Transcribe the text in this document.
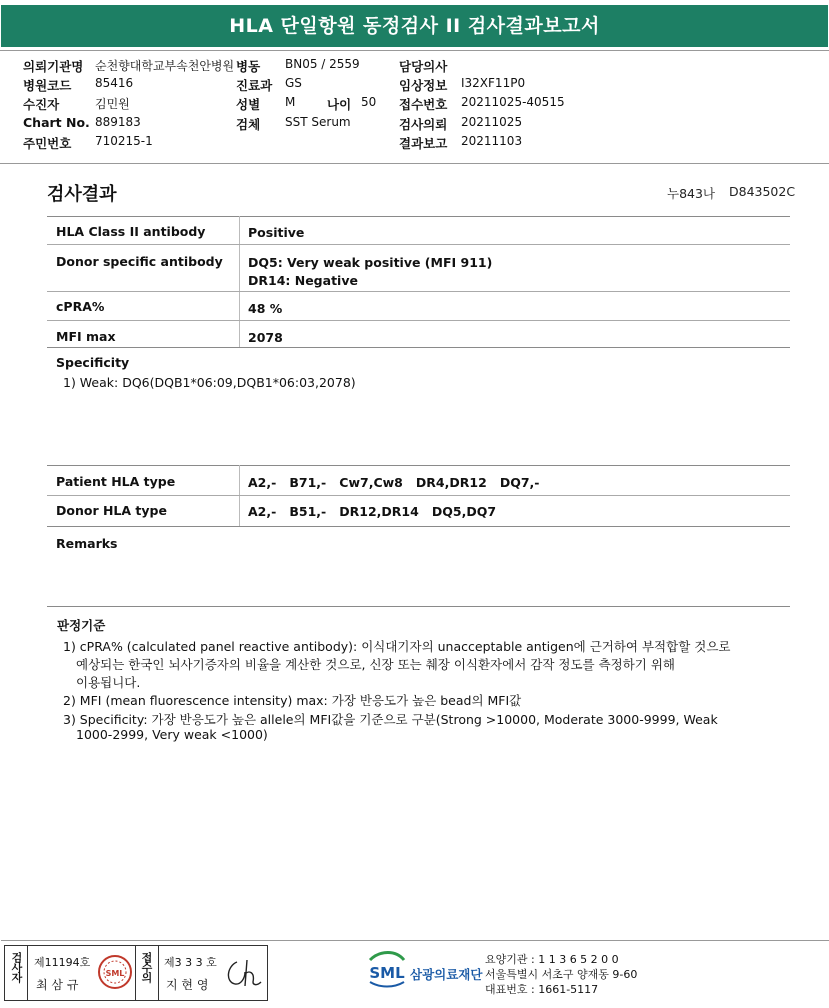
HLA 단일항원 동정검사 II 검사결과보고서
의뢰기관명 순천향대학교부속천안병원 병동 BN05 / 2559	담당의사
병원코드 85416	진료과 GS	임상정보 I32XF11P0
수진자	김민원	성별 M	나이 50 접수번호 20211025-40515
Chart No. 889183	검체 SST Serum	검사의뢰 20211025
주민번호 710215-1	결과보고 20211103
검사결과	누843나 D843502C
HLA Class II antibody	Positive
Donor specific antibody DQ5: Very weak positive (MFI 911)
DR14: Negative
cPRA%	48 %
MFI max	2078
Specificity
1) Weak: DQ6(DQB1*06:09,DQB1*06:03,2078)
Patient HLA type	A2,-   B71,-   Cw7,Cw8   DR4,DR12   DQ7,-
Donor HLA type	A2,-   B51,-   DR12,DR14   DQ5,DQ7
Remarks
판정기준
1) cPRA% (calculated panel reactive antibody): 이식대기자의 unacceptable antigen에 근거하여 부적합할 것으로
예상되는 한국인 뇌사기증자의 비율을 계산한 것으로, 신장 또는 췌장 이식환자에서 감작 정도를 측정하기 위해
이용됩니다.
2) MFI (mean fluorescence intensity) max: 가장 반응도가 높은 bead의 MFI값
3) Specificity: 가장 반응도가 높은 allele의 MFI값을 기준으로 구분(Strong >10000, Moderate 3000-9999, Weak
1000-2999, Very weak <1000)
검사자 제11194호
최 삼 규
SML 접수의 제3 3 3 호
지 현 영
SML 삼광의료재단
요양기관 : 1 1 3 6 5 2 0 0
서울특별시 서초구 양재동 9-60
대표번호 : 1661-5117
